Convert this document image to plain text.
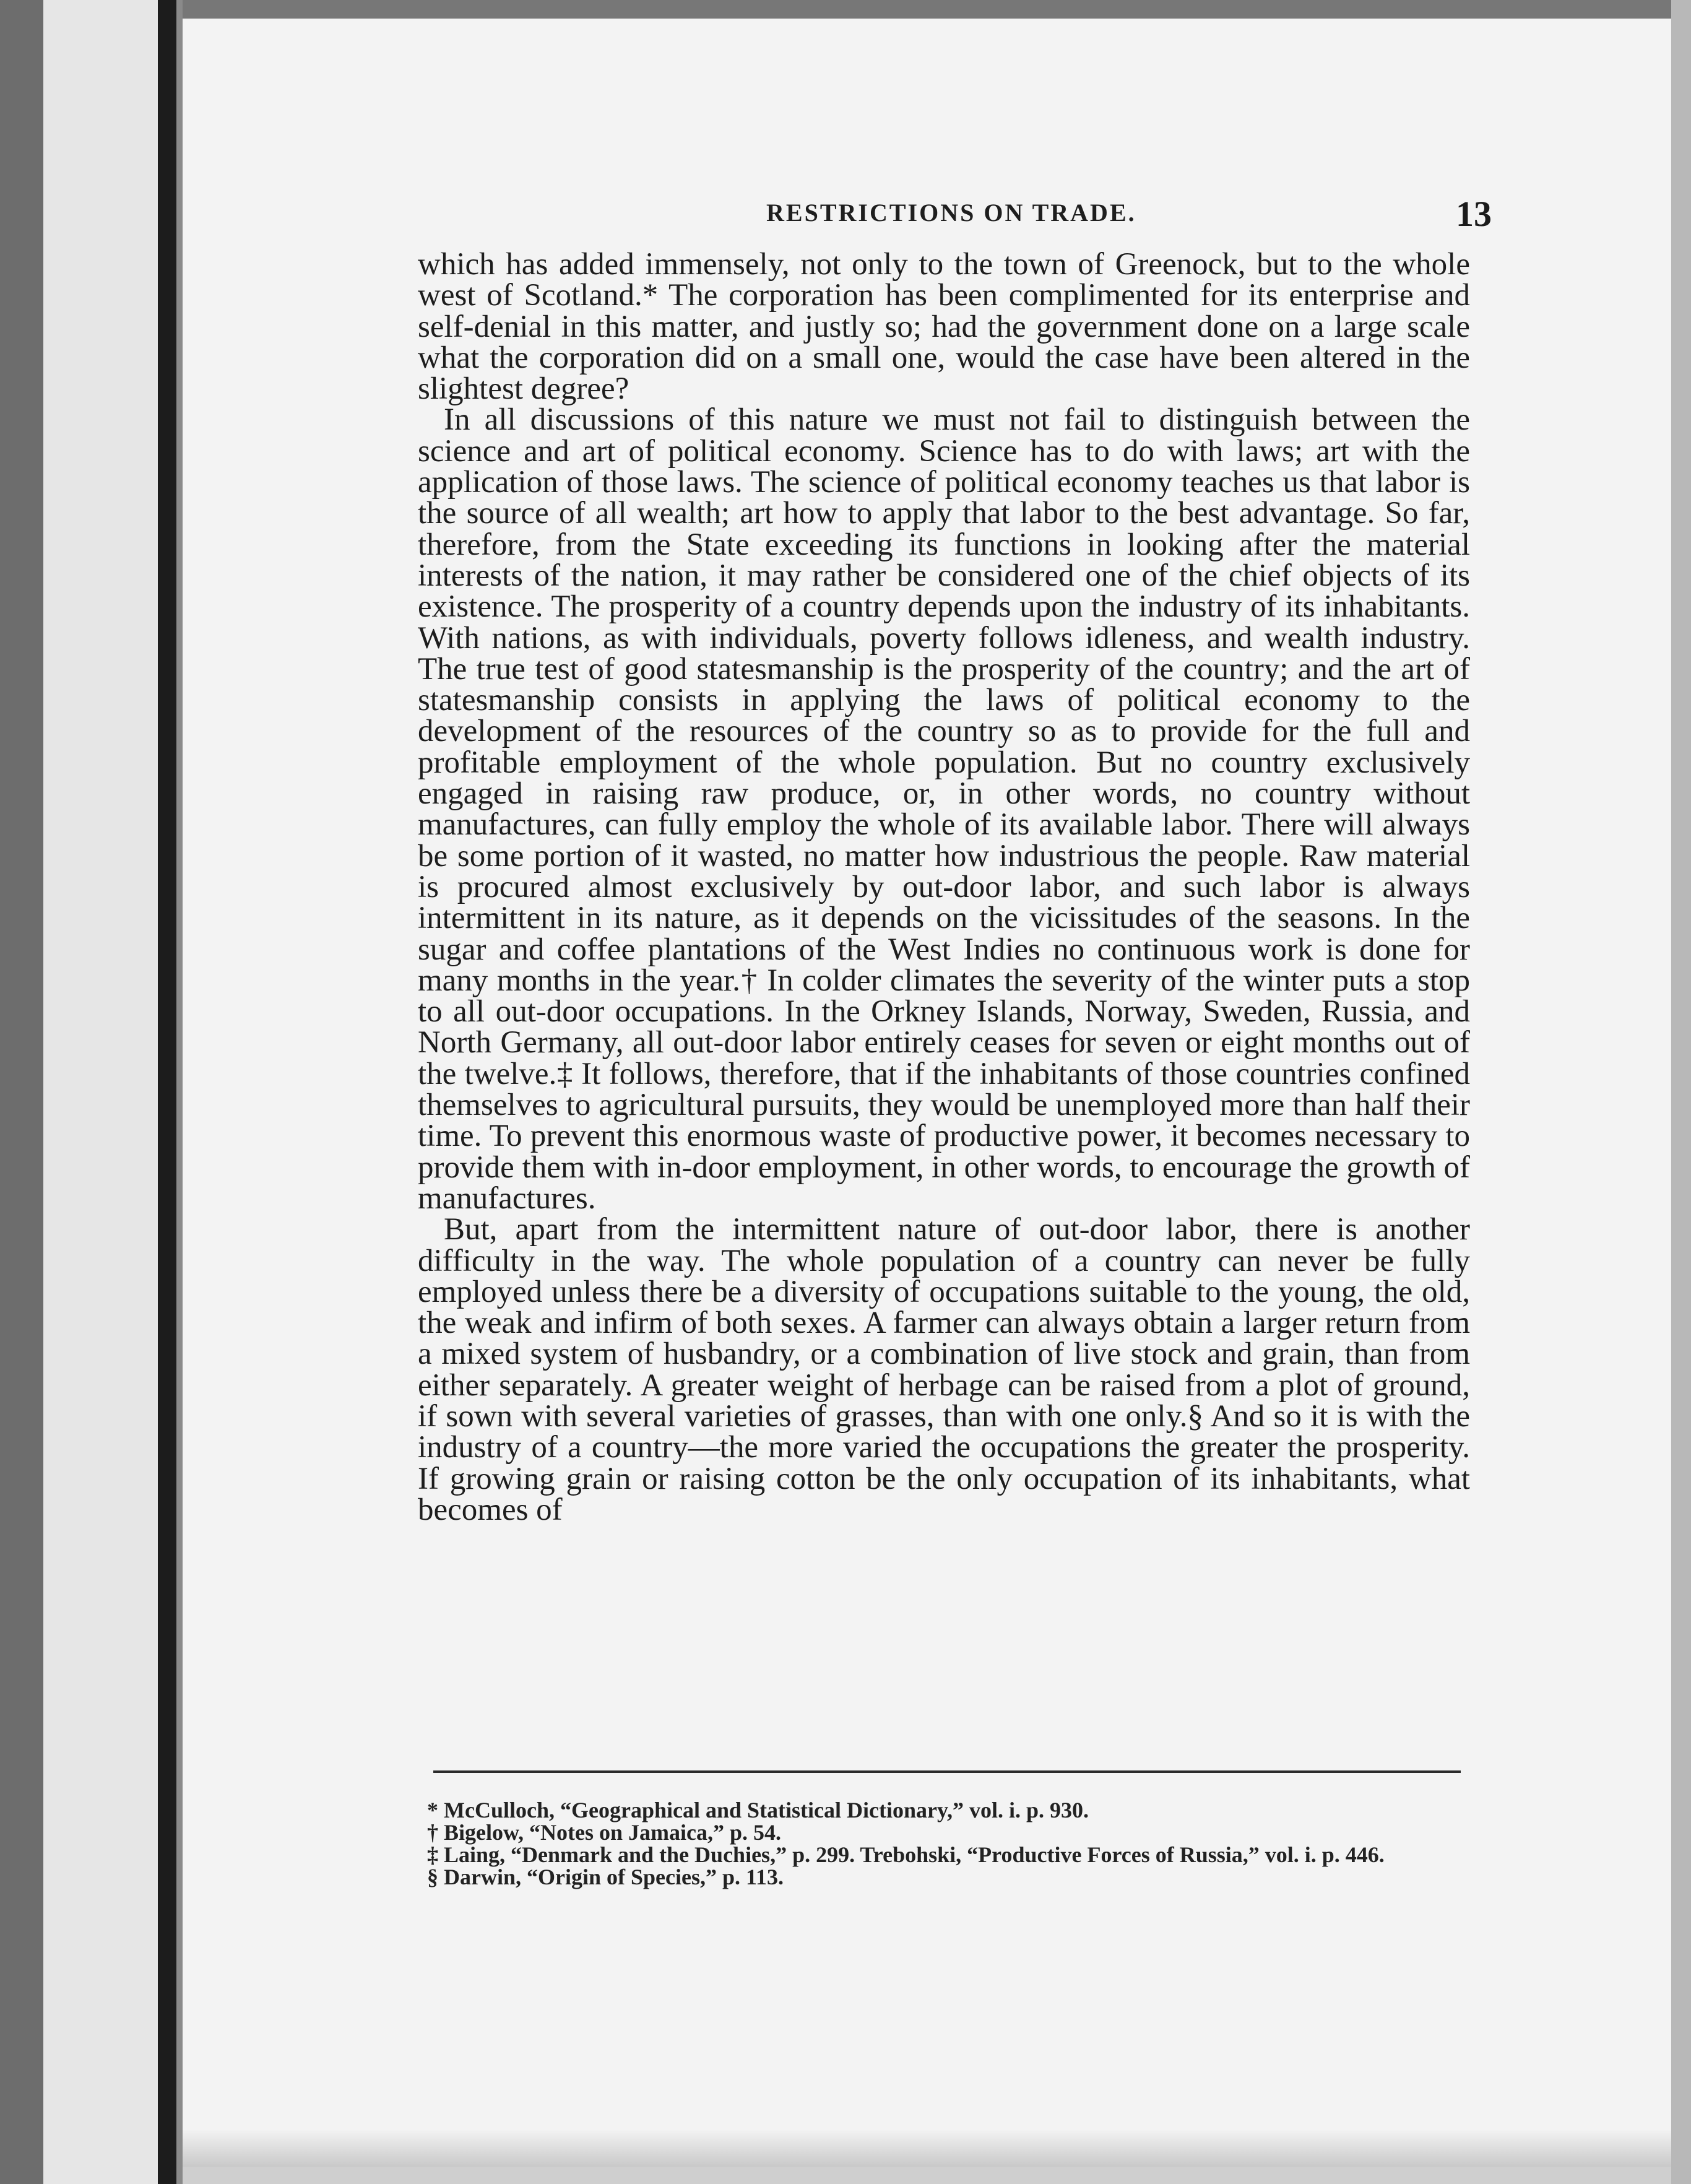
RESTRICTIONS ON TRADE.	13

which has added immensely, not only to the town of Greenock, but to the whole west of Scotland.* The corporation has been complimented for its enterprise and self-denial in this matter, and justly so; had the government done on a large scale what the corporation did on a small one, would the case have been altered in the slightest degree?

In all discussions of this nature we must not fail to distinguish between the science and art of political economy. Science has to do with laws; art with the application of those laws. The science of political economy teaches us that labor is the source of all wealth; art how to apply that labor to the best advantage. So far, therefore, from the State exceeding its functions in looking after the material interests of the nation, it may rather be considered one of the chief objects of its existence. The prosperity of a country depends upon the industry of its inhabitants. With nations, as with individuals, poverty follows idleness, and wealth industry. The true test of good statesmanship is the prosperity of the country; and the art of statesmanship consists in applying the laws of political economy to the development of the resources of the country so as to provide for the full and profitable employment of the whole population. But no country exclusively engaged in raising raw produce, or, in other words, no country without manufactures, can fully employ the whole of its available labor. There will always be some portion of it wasted, no matter how industrious the people. Raw material is procured almost exclusively by out-door labor, and such labor is always intermittent in its nature, as it depends on the vicissitudes of the seasons. In the sugar and coffee plantations of the West Indies no continuous work is done for many months in the year.† In colder climates the severity of the winter puts a stop to all out-door occupations. In the Orkney Islands, Norway, Sweden, Russia, and North Germany, all out-door labor entirely ceases for seven or eight months out of the twelve.‡ It follows, therefore, that if the inhabitants of those countries confined themselves to agricultural pursuits, they would be unemployed more than half their time. To prevent this enormous waste of productive power, it becomes necessary to provide them with in-door employment, in other words, to encourage the growth of manufactures.

But, apart from the intermittent nature of out-door labor, there is another difficulty in the way. The whole population of a country can never be fully employed unless there be a diversity of occupations suitable to the young, the old, the weak and infirm of both sexes. A farmer can always obtain a larger return from a mixed system of husbandry, or a combination of live stock and grain, than from either separately. A greater weight of herbage can be raised from a plot of ground, if sown with several varieties of grasses, than with one only.§ And so it is with the industry of a country—the more varied the occupations the greater the prosperity. If growing grain or raising cotton be the only occupation of its inhabitants, what becomes of

* McCulloch, “Geographical and Statistical Dictionary,” vol. i. p. 930.

† Bigelow, “Notes on Jamaica,” p. 54.

‡ Laing, “Denmark and the Duchies,” p. 299. Trebohski, “Productive Forces of Russia,” vol. i. p. 446.

§ Darwin, “Origin of Species,” p. 113.
